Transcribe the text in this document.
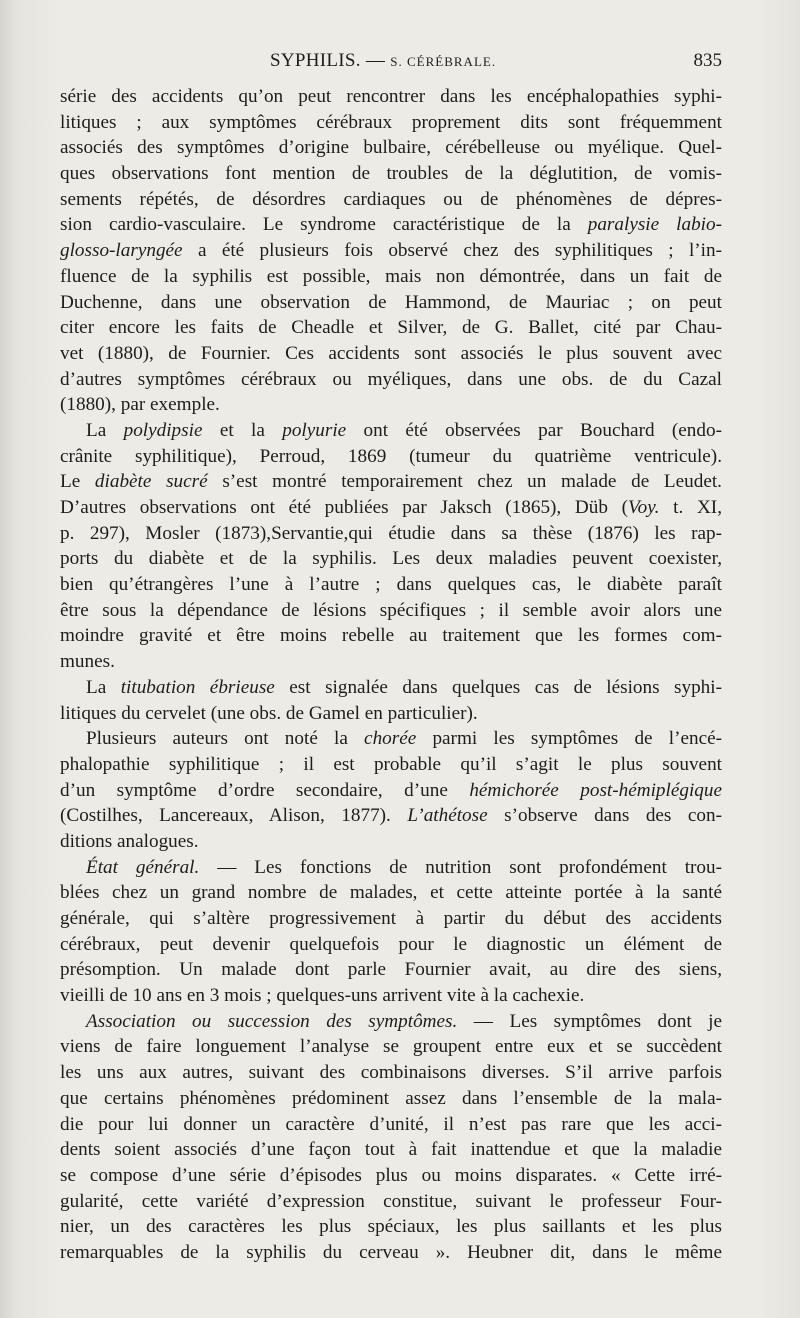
SYPHILIS. — S. CÉRÉBRALE.	835
série des accidents qu’on peut rencontrer dans les encéphalopathies syphi-
litiques ; aux symptômes cérébraux proprement dits sont fréquemment
associés des symptômes d’origine bulbaire, cérébelleuse ou myélique. Quel-
ques observations font mention de troubles de la déglutition, de vomis-
sements répétés, de désordres cardiaques ou de phénomènes de dépres-
sion cardio-vasculaire. Le syndrome caractéristique de la paralysie labio-
glosso-laryngée a été plusieurs fois observé chez des syphilitiques ; l’in-
fluence de la syphilis est possible, mais non démontrée, dans un fait de
Duchenne, dans une observation de Hammond, de Mauriac ; on peut
citer encore les faits de Cheadle et Silver, de G. Ballet, cité par Chau-
vet (1880), de Fournier. Ces accidents sont associés le plus souvent avec
d’autres symptômes cérébraux ou myéliques, dans une obs. de du Cazal
(1880), par exemple.
La polydipsie et la polyurie ont été observées par Bouchard (endo-
crânite syphilitique), Perroud, 1869 (tumeur du quatrième ventricule).
Le diabète sucré s’est montré temporairement chez un malade de Leudet.
D’autres observations ont été publiées par Jaksch (1865), Düb (Voy. t. XI,
p. 297), Mosler (1873),Servantie,qui étudie dans sa thèse (1876) les rap-
ports du diabète et de la syphilis. Les deux maladies peuvent coexister,
bien qu’étrangères l’une à l’autre ; dans quelques cas, le diabète paraît
être sous la dépendance de lésions spécifiques ; il semble avoir alors une
moindre gravité et être moins rebelle au traitement que les formes com-
munes.
La titubation ébrieuse est signalée dans quelques cas de lésions syphi-
litiques du cervelet (une obs. de Gamel en particulier).
Plusieurs auteurs ont noté la chorée parmi les symptômes de l’encé-
phalopathie syphilitique ; il est probable qu’il s’agit le plus souvent
d’un symptôme d’ordre secondaire, d’une hémichorée post-hémiplégique
(Costilhes, Lancereaux, Alison, 1877). L’athétose s’observe dans des con-
ditions analogues.
État général. — Les fonctions de nutrition sont profondément trou-
blées chez un grand nombre de malades, et cette atteinte portée à la santé
générale, qui s’altère progressivement à partir du début des accidents
cérébraux, peut devenir quelquefois pour le diagnostic un élément de
présomption. Un malade dont parle Fournier avait, au dire des siens,
vieilli de 10 ans en 3 mois ; quelques-uns arrivent vite à la cachexie.
Association ou succession des symptômes. — Les symptômes dont je
viens de faire longuement l’analyse se groupent entre eux et se succèdent
les uns aux autres, suivant des combinaisons diverses. S’il arrive parfois
que certains phénomènes prédominent assez dans l’ensemble de la mala-
die pour lui donner un caractère d’unité, il n’est pas rare que les acci-
dents soient associés d’une façon tout à fait inattendue et que la maladie
se compose d’une série d’épisodes plus ou moins disparates. « Cette irré-
gularité, cette variété d’expression constitue, suivant le professeur Four-
nier, un des caractères les plus spéciaux, les plus saillants et les plus
remarquables de la syphilis du cerveau ». Heubner dit, dans le même
